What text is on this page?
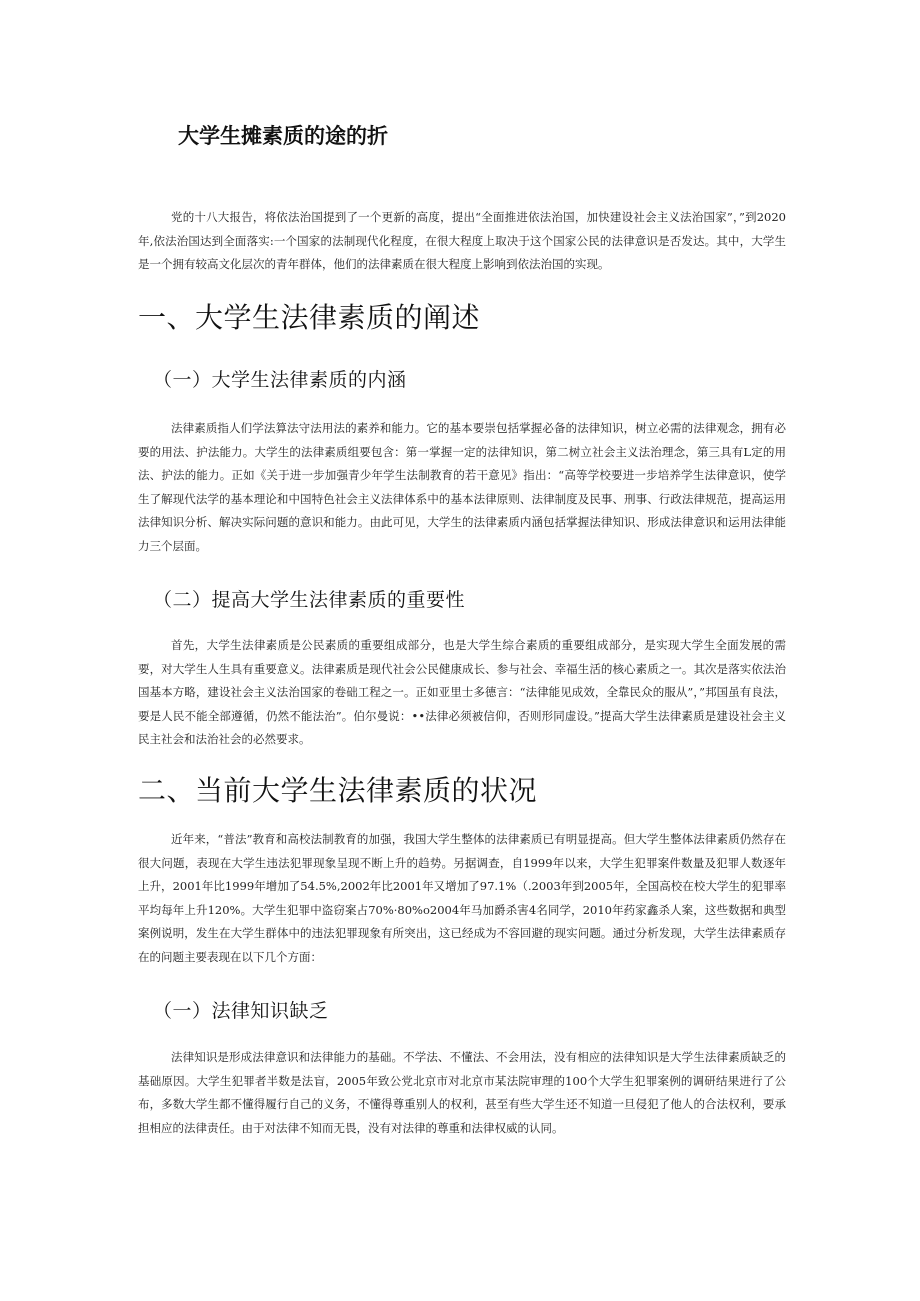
大学生摊素质的途的折
党的十八大报告，将依法治国提到了一个更新的高度，提出“全面推进依法治国，加快建设社会主义法治国家”，”到2020年,依法治国达到全面落实:一个国家的法制现代化程度，在很大程度上取决于这个国家公民的法律意识是否发达。其中，大学生是一个拥有较高文化层次的青年群体，他们的法律素质在很大程度上影响到依法治国的实现。
一、大学生法律素质的阐述
（一）大学生法律素质的内涵
法律素质指人们学法算法守法用法的素养和能力。它的基本要崇包括掌握必备的法律知识，树立必需的法律观念，拥有必要的用法、护法能力。大学生的法律素质组要包含：第一掌握一定的法律知识，第二树立社会主义法治理念，第三具有L定的用法、护法的能力。正如《关于进一步加强青少年学生法制教育的若干意见》指出：“高等学校要进一步培养学生法律意识，使学生了解现代法学的基本理论和中国特色社会主义法律体系中的基本法律原则、法律制度及民事、刑事、行政法律规范，提高运用法律知识分析、解决实际问题的意识和能力。由此可见，大学生的法律素质内涵包括掌握法律知识、形成法律意识和运用法律能力三个层面。
（二）提高大学生法律素质的重要性
首先，大学生法律素质是公民素质的重要组成部分，也是大学生综合素质的重要组成部分，是实现大学生全面发展的需要，对大学生人生具有重要意义。法律素质是现代社会公民健康成长、参与社会、幸福生活的核心素质之一。其次是落实依法治国基本方略，建设社会主义法治国家的卷础工程之一。正如亚里士多德言：“法律能见成效，全靠民众的服从”，”邦国虽有良法，要是人民不能全部遵循，仍然不能法治”。伯尔曼说：••法律必须被信仰，否则形同虚设。”提高大学生法律素质是建设社会主义民主社会和法治社会的必然要求。
二、当前大学生法律素质的状况
近年来，“普法”教育和高校法制教育的加强，我国大学生整体的法律素质已有明显提高。但大学生整体法律素质仍然存在很大问题，表现在大学生违法犯罪现象呈现不断上升的趋势。另据调查，自1999年以来，大学生犯罪案件数量及犯罪人数逐年上升，2001年比1999年增加了54.5%,2002年比2001年又增加了97.1%（.2003年到2005年，全国高校在校大学生的犯罪率平均每年上升120%。大学生犯罪中盗窃案占70%·80%o2004年马加爵杀害4名同学，2010年药家鑫杀人案，这些数据和典型案例说明，发生在大学生群体中的违法犯罪现象有所突出，这已经成为不容回避的现实问题。通过分析发现，大学生法律素质存在的问题主要表现在以下几个方面：
（一）法律知识缺乏
法律知识是形成法律意识和法律能力的基础。不学法、不懂法、不会用法，没有相应的法律知识是大学生法律素质缺乏的基础原因。大学生犯罪者半数是法盲，2005年致公党北京市对北京市某法院审理的100个大学生犯罪案例的调研结果进行了公布，多数大学生都不懂得履行自己的义务，不懂得尊重别人的权利，甚至有些大学生还不知道一旦侵犯了他人的合法权利，要承担相应的法律责任。由于对法律不知而无畏，没有对法律的尊重和法律权威的认同。
